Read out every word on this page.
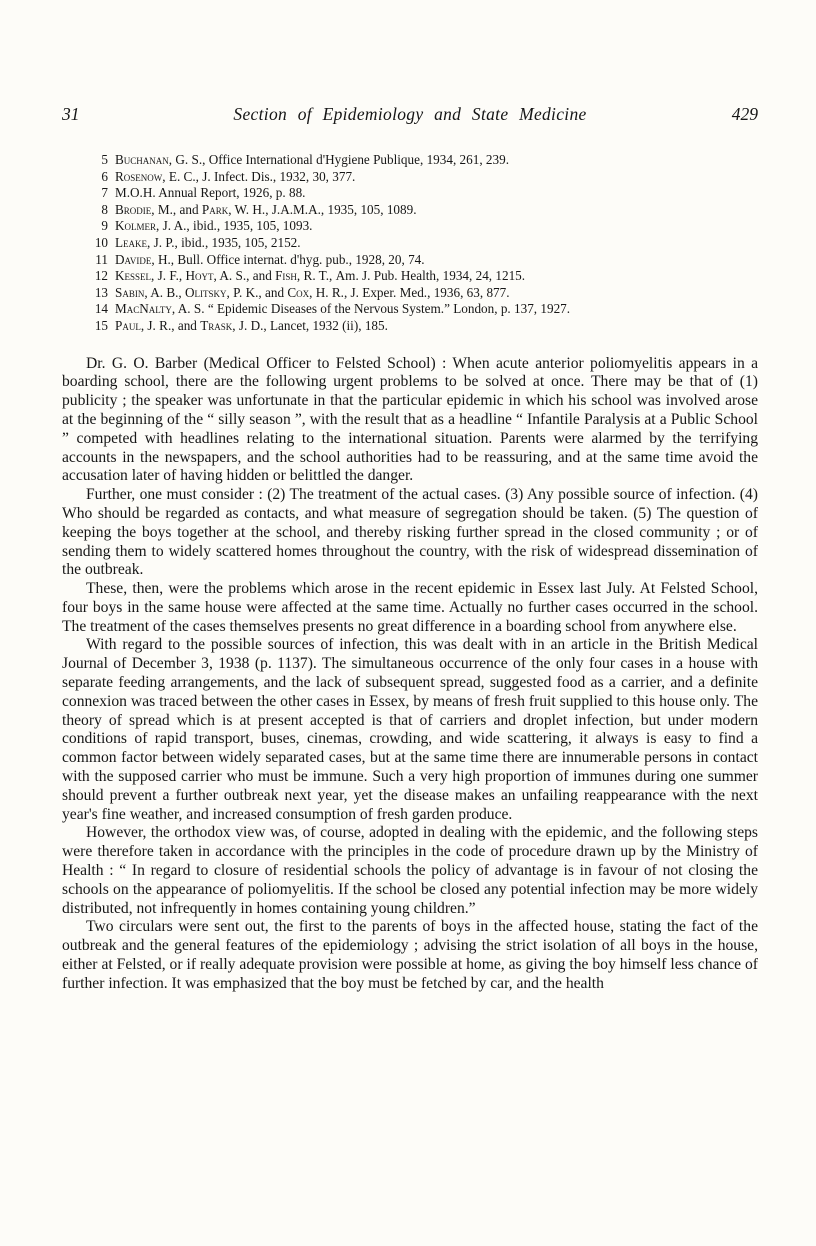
31	Section of Epidemiology and State Medicine	429
5 Buchanan, G. S., Office International d'Hygiene Publique, 1934, 261, 239.
6 Rosenow, E. C., J. Infect. Dis., 1932, 30, 377.
7 M.O.H. Annual Report, 1926, p. 88.
8 Brodie, M., and Park, W. H., J.A.M.A., 1935, 105, 1089.
9 Kolmer, J. A., ibid., 1935, 105, 1093.
10 Leake, J. P., ibid., 1935, 105, 2152.
11 Davide, H., Bull. Office internat. d'hyg. pub., 1928, 20, 74.
12 Kessel, J. F., Hoyt, A. S., and Fish, R. T., Am. J. Pub. Health, 1934, 24, 1215.
13 Sabin, A. B., Olitsky, P. K., and Cox, H. R., J. Exper. Med., 1936, 63, 877.
14 MacNalty, A. S. “ Epidemic Diseases of the Nervous System.” London, p. 137, 1927.
15 Paul, J. R., and Trask, J. D., Lancet, 1932 (ii), 185.

Dr. G. O. Barber (Medical Officer to Felsted School) : When acute anterior poliomyelitis appears in a boarding school, there are the following urgent problems to be solved at once. There may be that of (1) publicity ; the speaker was unfortunate in that the particular epidemic in which his school was involved arose at the beginning of the “ silly season ”, with the result that as a headline “ Infantile Paralysis at a Public School ” competed with headlines relating to the international situation. Parents were alarmed by the terrifying accounts in the newspapers, and the school authorities had to be reassuring, and at the same time avoid the accusation later of having hidden or belittled the danger.

Further, one must consider : (2) The treatment of the actual cases. (3) Any possible source of infection. (4) Who should be regarded as contacts, and what measure of segregation should be taken. (5) The question of keeping the boys together at the school, and thereby risking further spread in the closed community ; or of sending them to widely scattered homes throughout the country, with the risk of widespread dissemination of the outbreak.

These, then, were the problems which arose in the recent epidemic in Essex last July. At Felsted School, four boys in the same house were affected at the same time. Actually no further cases occurred in the school. The treatment of the cases themselves presents no great difference in a boarding school from anywhere else.

With regard to the possible sources of infection, this was dealt with in an article in the British Medical Journal of December 3, 1938 (p. 1137). The simultaneous occurrence of the only four cases in a house with separate feeding arrangements, and the lack of subsequent spread, suggested food as a carrier, and a definite connexion was traced between the other cases in Essex, by means of fresh fruit supplied to this house only. The theory of spread which is at present accepted is that of carriers and droplet infection, but under modern conditions of rapid transport, buses, cinemas, crowding, and wide scattering, it always is easy to find a common factor between widely separated cases, but at the same time there are innumerable persons in contact with the supposed carrier who must be immune. Such a very high proportion of immunes during one summer should prevent a further outbreak next year, yet the disease makes an unfailing reappearance with the next year's fine weather, and increased consumption of fresh garden produce.

However, the orthodox view was, of course, adopted in dealing with the epidemic, and the following steps were therefore taken in accordance with the principles in the code of procedure drawn up by the Ministry of Health : “ In regard to closure of residential schools the policy of advantage is in favour of not closing the schools on the appearance of poliomyelitis. If the school be closed any potential infection may be more widely distributed, not infrequently in homes containing young children.”

Two circulars were sent out, the first to the parents of boys in the affected house, stating the fact of the outbreak and the general features of the epidemiology ; advising the strict isolation of all boys in the house, either at Felsted, or if really adequate provision were possible at home, as giving the boy himself less chance of further infection. It was emphasized that the boy must be fetched by car, and the health
